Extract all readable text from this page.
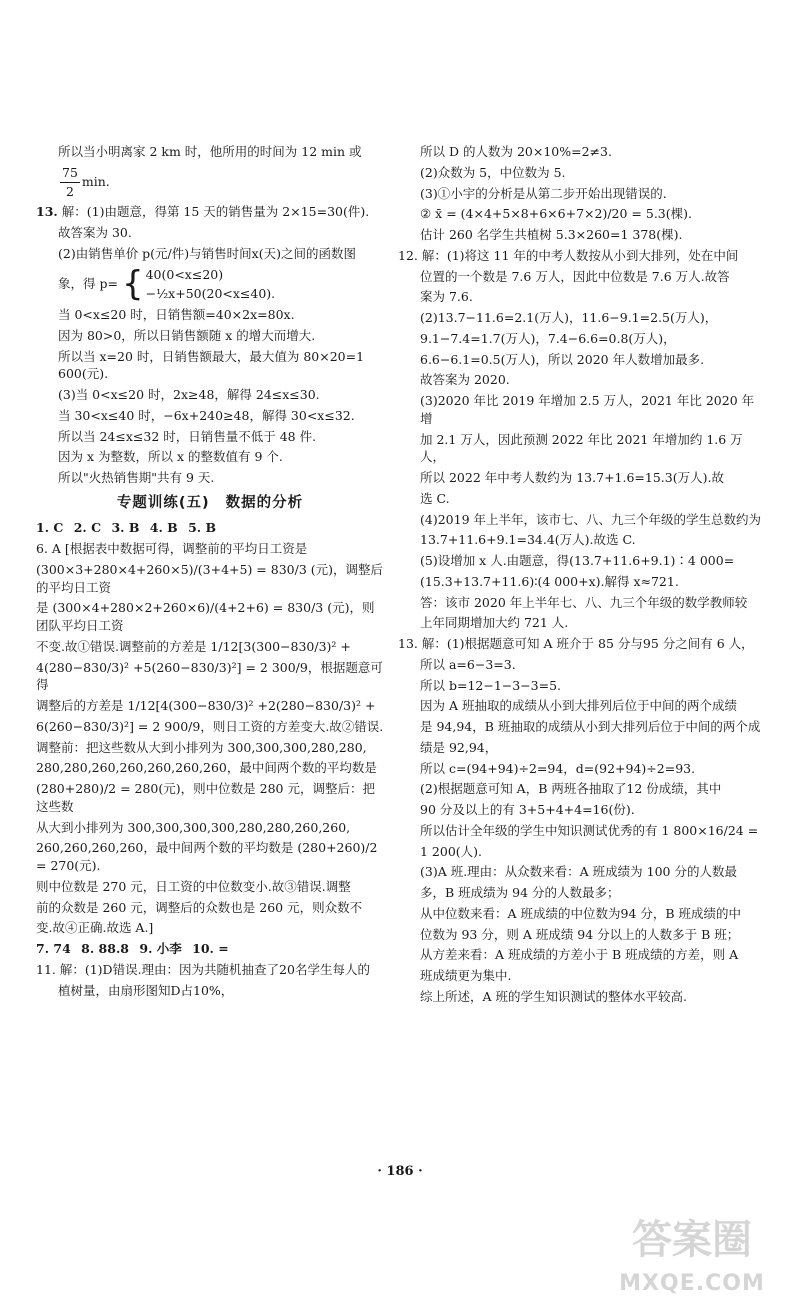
所以当小明离家 2 km 时，他所用的时间为 12 min 或
$\frac{75}{2} \min$.
13. 解：(1)由题意，得第 15 天的销售量为 2×15=30(件).
故答案为 30.
(2)由销售单价 p(元/件)与销售时间x(天)之间的函数图
象，得 p= { 40(0<x≤20)
−½x+50(20<x≤40).
当 0<x≤20 时，日销售额=40×2x=80x.
因为 80>0，所以日销售额随 x 的增大而增大.
所以当 x=20 时，日销售额最大，最大值为 80×20=1 600(元).
(3)当 0<x≤20 时，2x≥48，解得 24≤x≤30.
当 30<x≤40 时，−6x+240≥48，解得 30<x≤32.
所以当 24≤x≤32 时，日销售量不低于 48 件.
因为 x 为整数，所以 x 的整数值有 9 个.
所以"火热销售期"共有 9 天.
专题训练(五) 数据的分析
1. C 2. C 3. B 4. B 5. B
6. A [根据表中数据可得，调整前的平均日工资是
(300×3+280×4+260×5)/(3+4+5) = 830/3 (元)，调整后的平均日工资
是 (300×4+280×2+260×6)/(4+2+6) = 830/3 (元)，则团队平均日工资
不变.故①错误.调整前的方差是 1/12[3(300−830/3)² +
4(280−830/3)² +5(260−830/3)²] = 2 300/9，根据题意可得
调整后的方差是 1/12[4(300−830/3)² +2(280−830/3)² +
6(260−830/3)²] = 2 900/9，则日工资的方差变大.故②错误.
调整前：把这些数从大到小排列为 300,300,300,280,280,
280,280,260,260,260,260,260，最中间两个数的平均数是
(280+280)/2 = 280(元)，则中位数是 280 元，调整后：把这些数
从大到小排列为 300,300,300,300,280,280,260,260,
260,260,260,260，最中间两个数的平均数是 (280+260)/2 = 270(元).
则中位数是 270 元，日工资的中位数变小.故③错误.调整
前的众数是 260 元，调整后的众数也是 260 元，则众数不
变.故④正确.故选 A.]
7. 74 8. 88.8 9. 小李 10. =
11. 解：(1)D错误.理由：因为共随机抽查了20名学生每人的
植树量，由扇形图知D占10%，
所以 D 的人数为 20×10%=2≠3.
(2)众数为 5，中位数为 5.
(3)①小宇的分析是从第二步开始出现错误的.
② x̄ = (4×4+5×8+6×6+7×2)/20 = 5.3(棵).
估计 260 名学生共植树 5.3×260=1 378(棵).
12. 解：(1)将这 11 年的中考人数按从小到大排列，处在中间
位置的一个数是 7.6 万人，因此中位数是 7.6 万人.故答
案为 7.6.
(2)13.7−11.6=2.1(万人)，11.6−9.1=2.5(万人)，
9.1−7.4=1.7(万人)，7.4−6.6=0.8(万人)，
6.6−6.1=0.5(万人)，所以 2020 年人数增加最多.
故答案为 2020.
(3)2020 年比 2019 年增加 2.5 万人，2021 年比 2020 年增
加 2.1 万人，因此预测 2022 年比 2021 年增加约 1.6 万人，
所以 2022 年中考人数约为 13.7+1.6=15.3(万人).故
选 C.
(4)2019 年上半年，该市七、八、九三个年级的学生总数约为
13.7+11.6+9.1=34.4(万人).故选 C.
(5)设增加 x 人.由题意，得(13.7+11.6+9.1)∶4 000=
(15.3+13.7+11.6)∶(4 000+x).解得 x≈721.
答：该市 2020 年上半年七、八、九三个年级的数学教师较
上年同期增加大约 721 人.
13. 解：(1)根据题意可知 A 班介于 85 分与95 分之间有 6 人，
所以 a=6−3=3.
所以 b=12−1−3−3=5.
因为 A 班抽取的成绩从小到大排列后位于中间的两个成绩
是 94,94，B 班抽取的成绩从小到大排列后位于中间的两个成
绩是 92,94，
所以 c=(94+94)÷2=94，d=(92+94)÷2=93.
(2)根据题意可知 A，B 两班各抽取了12 份成绩，其中
90 分及以上的有 3+5+4+4=16(份).
所以估计全年级的学生中知识测试优秀的有 1 800×16/24 =
1 200(人).
(3)A 班.理由：从众数来看：A 班成绩为 100 分的人数最
多，B 班成绩为 94 分的人数最多；
从中位数来看：A 班成绩的中位数为94 分，B 班成绩的中
位数为 93 分，则 A 班成绩 94 分以上的人数多于 B 班；
从方差来看：A 班成绩的方差小于 B 班成绩的方差，则 A
班成绩更为集中.
综上所述，A 班的学生知识测试的整体水平较高.
· 186 ·
答案圈
MXQE.COM
